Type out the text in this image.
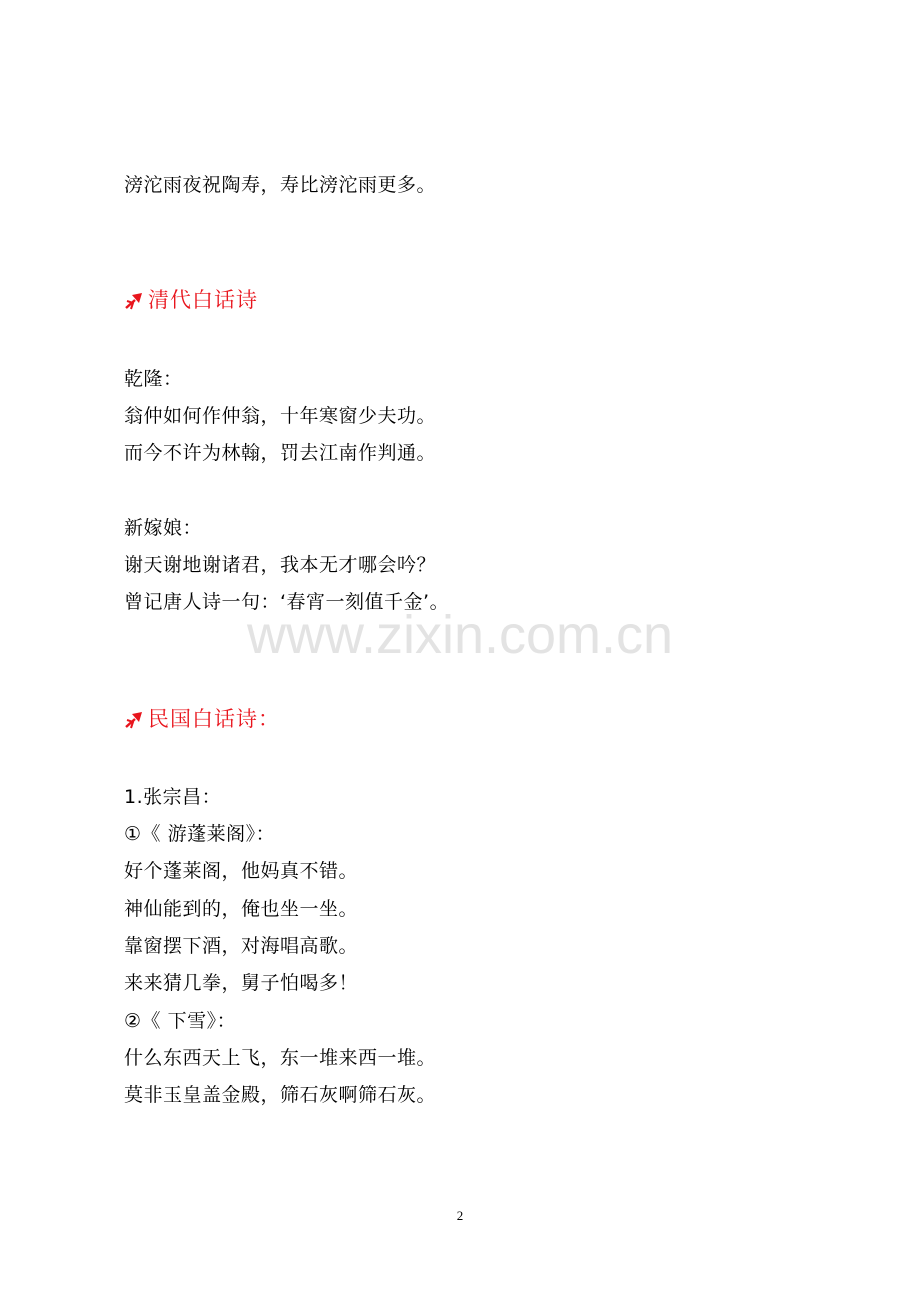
滂沱雨夜祝陶寿，寿比滂沱雨更多。
清代白话诗
乾隆：
翁仲如何作仲翁，十年寒窗少夫功。
而今不许为林翰，罚去江南作判通。
新嫁娘：
谢天谢地谢诸君，我本无才哪会吟？
曾记唐人诗一句：‘春宵一刻值千金’。
www.zixin.com.cn
民国白话诗：
1.张宗昌：
①《 游蓬莱阁》：
好个蓬莱阁，他妈真不错。
神仙能到的，俺也坐一坐。
靠窗摆下酒，对海唱高歌。
来来猜几拳，舅子怕喝多！
②《 下雪》：
什么东西天上飞，东一堆来西一堆。
莫非玉皇盖金殿，筛石灰啊筛石灰。
2
